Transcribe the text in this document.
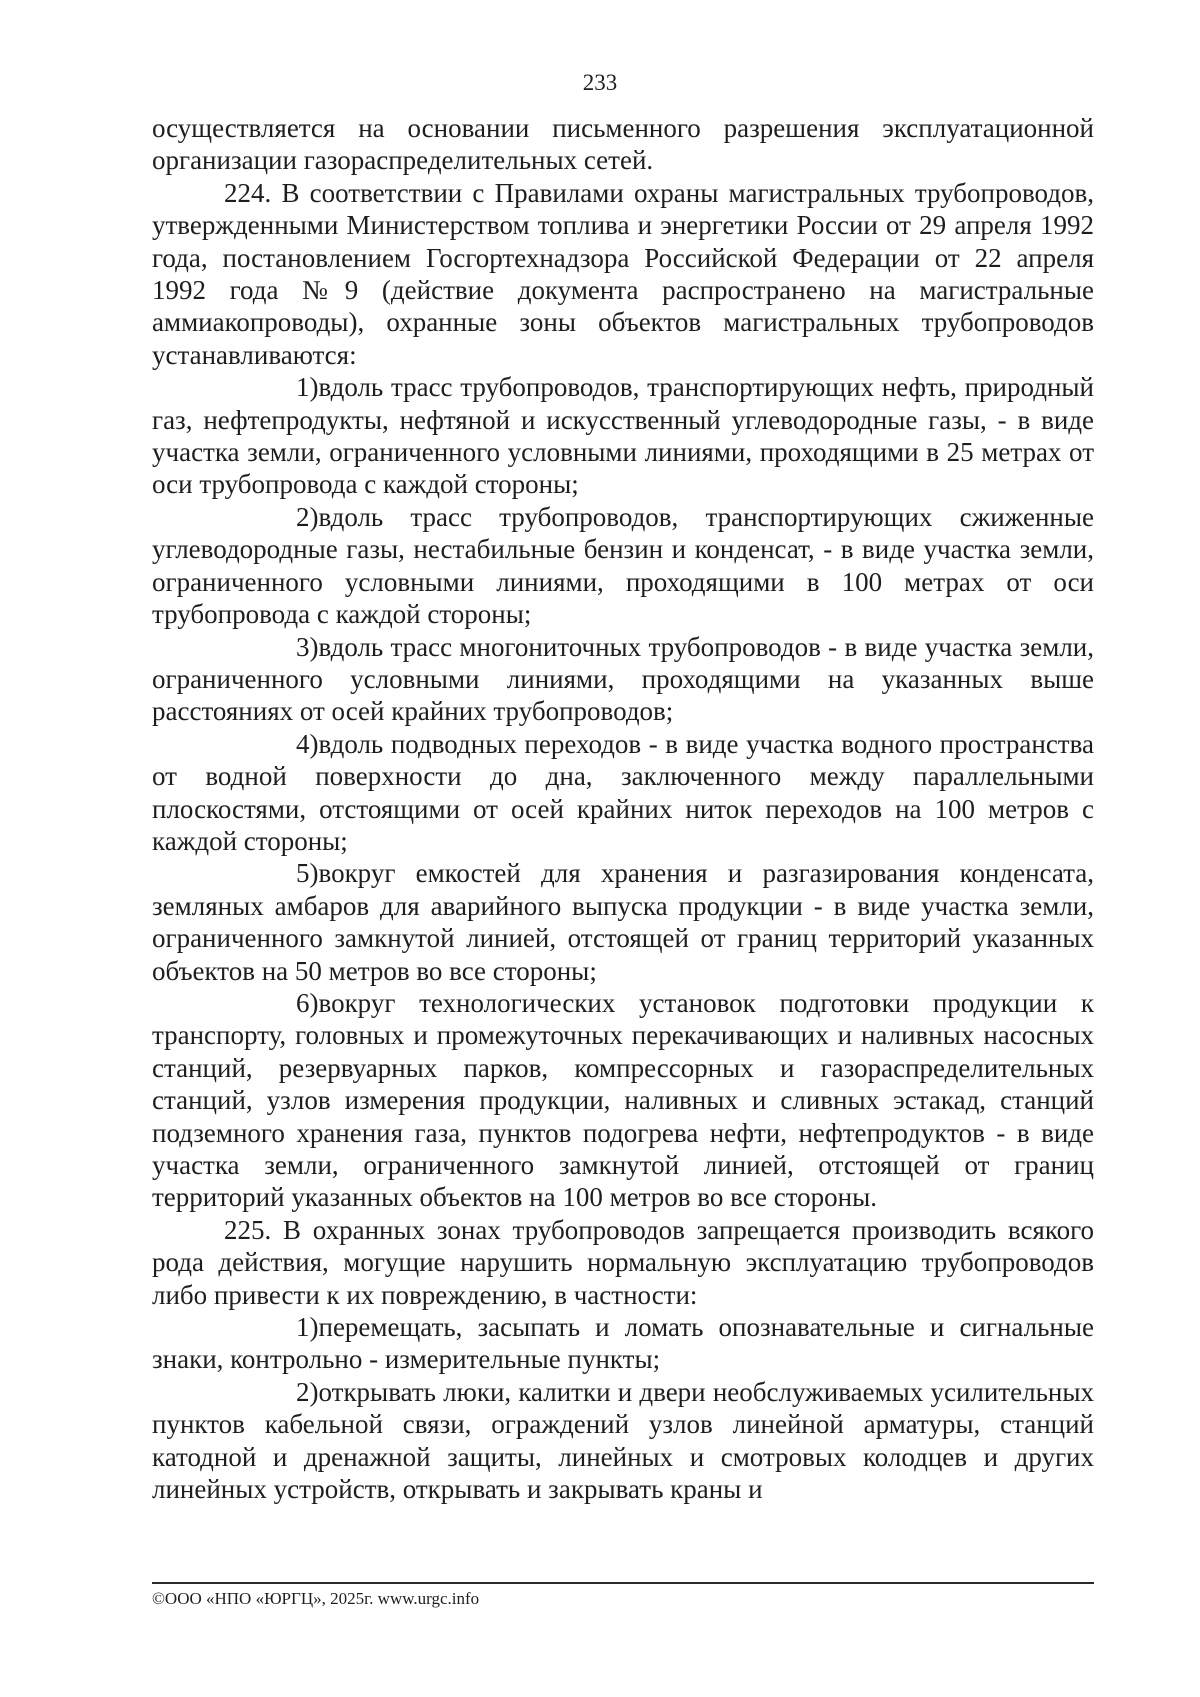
233

осуществляется на основании письменного разрешения эксплуатационной организации газораспределительных сетей.

224. В соответствии с Правилами охраны магистральных трубопроводов, утвержденными Министерством топлива и энергетики России от 29 апреля 1992 года, постановлением Госгортехнадзора Российской Федерации от 22 апреля 1992 года №9 (действие документа распространено на магистральные аммиакопроводы), охранные зоны объектов магистральных трубопроводов устанавливаются:

1)вдоль трасс трубопроводов, транспортирующих нефть, природный газ, нефтепродукты, нефтяной и искусственный углеводородные газы, - в виде участка земли, ограниченного условными линиями, проходящими в 25 метрах от оси трубопровода с каждой стороны;

2)вдоль трасс трубопроводов, транспортирующих сжиженные углеводородные газы, нестабильные бензин и конденсат, - в виде участка земли, ограниченного условными линиями, проходящими в 100 метрах от оси трубопровода с каждой стороны;

3)вдоль трасс многониточных трубопроводов - в виде участка земли, ограниченного условными линиями, проходящими на указанных выше расстояниях от осей крайних трубопроводов;

4)вдоль подводных переходов - в виде участка водного пространства от водной поверхности до дна, заключенного между параллельными плоскостями, отстоящими от осей крайних ниток переходов на 100 метров с каждой стороны;

5)вокруг емкостей для хранения и разгазирования конденсата, земляных амбаров для аварийного выпуска продукции - в виде участка земли, ограниченного замкнутой линией, отстоящей от границ территорий указанных объектов на 50 метров во все стороны;

6)вокруг технологических установок подготовки продукции к транспорту, головных и промежуточных перекачивающих и наливных насосных станций, резервуарных парков, компрессорных и газораспределительных станций, узлов измерения продукции, наливных и сливных эстакад, станций подземного хранения газа, пунктов подогрева нефти, нефтепродуктов - в виде участка земли, ограниченного замкнутой линией, отстоящей от границ территорий указанных объектов на 100 метров во все стороны.

225. В охранных зонах трубопроводов запрещается производить всякого рода действия, могущие нарушить нормальную эксплуатацию трубопроводов либо привести к их повреждению, в частности:

1)перемещать, засыпать и ломать опознавательные и сигнальные знаки, контрольно - измерительные пункты;

2)открывать люки, калитки и двери необслуживаемых усилительных пунктов кабельной связи, ограждений узлов линейной арматуры, станций катодной и дренажной защиты, линейных и смотровых колодцев и других линейных устройств, открывать и закрывать краны и

©ООО «НПО «ЮРГЦ», 2025г. www.urgc.info
